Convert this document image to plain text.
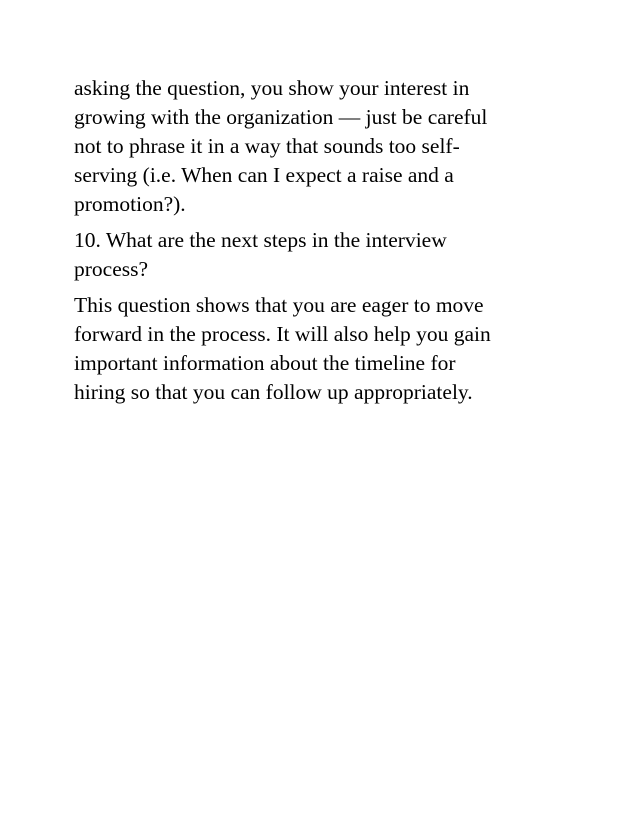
asking the question, you show your interest in
growing with the organization — just be careful
not to phrase it in a way that sounds too self-
serving (i.e. When can I expect a raise and a
promotion?).

10. What are the next steps in the interview
process?

This question shows that you are eager to move
forward in the process. It will also help you gain
important information about the timeline for
hiring so that you can follow up appropriately.
